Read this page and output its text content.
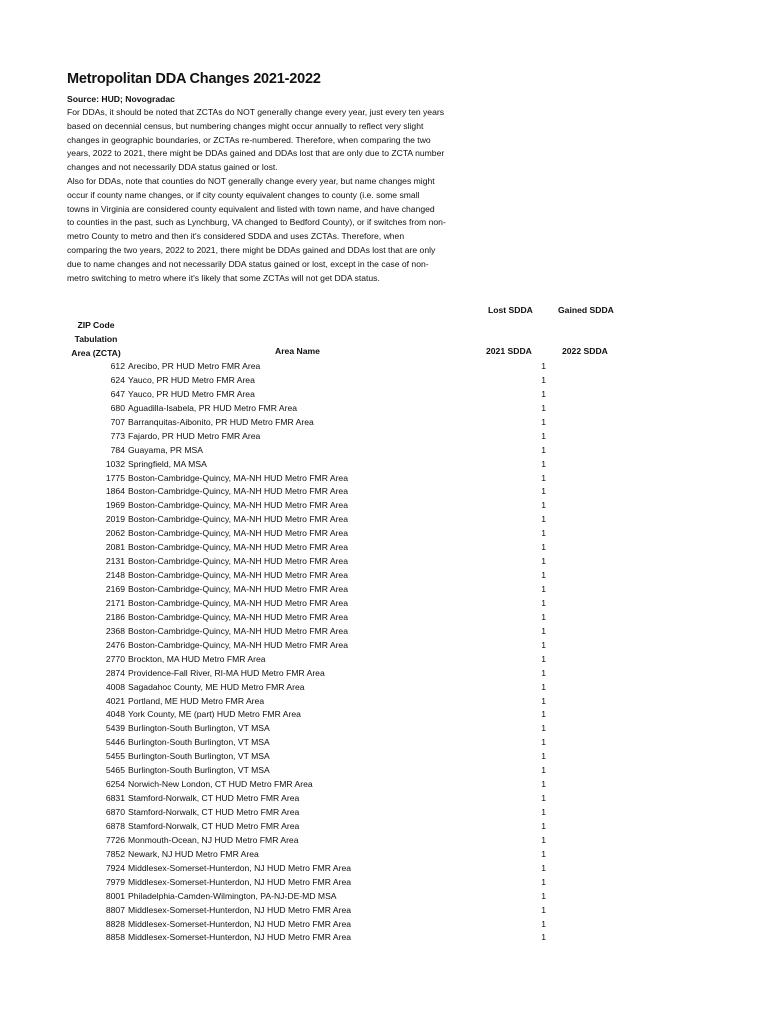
Metropolitan DDA Changes 2021-2022
Source: HUD; Novogradac
For DDAs, it should be noted that ZCTAs do NOT generally change every year, just every ten years
based on decennial census, but numbering changes might occur annually to reflect very slight
changes in geographic boundaries, or ZCTAs re-numbered. Therefore, when comparing the two
years, 2022 to 2021, there might be DDAs gained and DDAs lost that are only due to ZCTA number
changes and not necessarily DDA status gained or lost.
Also for DDAs, note that counties do NOT generally change every year, but name changes might
occur if county name changes, or if city county equivalent changes to county (i.e. some small
towns in Virginia are considered county equivalent and listed with town name, and have changed
to counties in the past, such as Lynchburg, VA changed to Bedford County), or if switches from non-
metro County to metro and then it's considered SDDA and uses ZCTAs. Therefore, when
comparing the two years, 2022 to 2021, there might be DDAs gained and DDAs lost that are only
due to name changes and not necessarily DDA status gained or lost, except in the case of non-
metro switching to metro where it's likely that some ZCTAs will not get DDA status.
Lost SDDA	Gained SDDA
ZIP Code
Tabulation
Area (ZCTA)	Area Name	2021 SDDA	2022 SDDA
612 Arecibo, PR HUD Metro FMR Area	1
624 Yauco, PR HUD Metro FMR Area	1
647 Yauco, PR HUD Metro FMR Area	1
680 Aguadilla-Isabela, PR HUD Metro FMR Area	1
707 Barranquitas-Aibonito, PR HUD Metro FMR Area	1
773 Fajardo, PR HUD Metro FMR Area	1
784 Guayama, PR MSA	1
1032 Springfield, MA MSA	1
1775 Boston-Cambridge-Quincy, MA-NH HUD Metro FMR Area	1
1864 Boston-Cambridge-Quincy, MA-NH HUD Metro FMR Area	1
1969 Boston-Cambridge-Quincy, MA-NH HUD Metro FMR Area	1
2019 Boston-Cambridge-Quincy, MA-NH HUD Metro FMR Area	1
2062 Boston-Cambridge-Quincy, MA-NH HUD Metro FMR Area	1
2081 Boston-Cambridge-Quincy, MA-NH HUD Metro FMR Area	1
2131 Boston-Cambridge-Quincy, MA-NH HUD Metro FMR Area	1
2148 Boston-Cambridge-Quincy, MA-NH HUD Metro FMR Area	1
2169 Boston-Cambridge-Quincy, MA-NH HUD Metro FMR Area	1
2171 Boston-Cambridge-Quincy, MA-NH HUD Metro FMR Area	1
2186 Boston-Cambridge-Quincy, MA-NH HUD Metro FMR Area	1
2368 Boston-Cambridge-Quincy, MA-NH HUD Metro FMR Area	1
2476 Boston-Cambridge-Quincy, MA-NH HUD Metro FMR Area	1
2770 Brockton, MA HUD Metro FMR Area	1
2874 Providence-Fall River, RI-MA HUD Metro FMR Area	1
4008 Sagadahoc County, ME HUD Metro FMR Area	1
4021 Portland, ME HUD Metro FMR Area	1
4048 York County, ME (part) HUD Metro FMR Area	1
5439 Burlington-South Burlington, VT MSA	1
5446 Burlington-South Burlington, VT MSA	1
5455 Burlington-South Burlington, VT MSA	1
5465 Burlington-South Burlington, VT MSA	1
6254 Norwich-New London, CT HUD Metro FMR Area	1
6831 Stamford-Norwalk, CT HUD Metro FMR Area	1
6870 Stamford-Norwalk, CT HUD Metro FMR Area	1
6878 Stamford-Norwalk, CT HUD Metro FMR Area	1
7726 Monmouth-Ocean, NJ HUD Metro FMR Area	1
7852 Newark, NJ HUD Metro FMR Area	1
7924 Middlesex-Somerset-Hunterdon, NJ HUD Metro FMR Area	1
7979 Middlesex-Somerset-Hunterdon, NJ HUD Metro FMR Area	1
8001 Philadelphia-Camden-Wilmington, PA-NJ-DE-MD MSA	1
8807 Middlesex-Somerset-Hunterdon, NJ HUD Metro FMR Area	1
8828 Middlesex-Somerset-Hunterdon, NJ HUD Metro FMR Area	1
8858 Middlesex-Somerset-Hunterdon, NJ HUD Metro FMR Area	1
